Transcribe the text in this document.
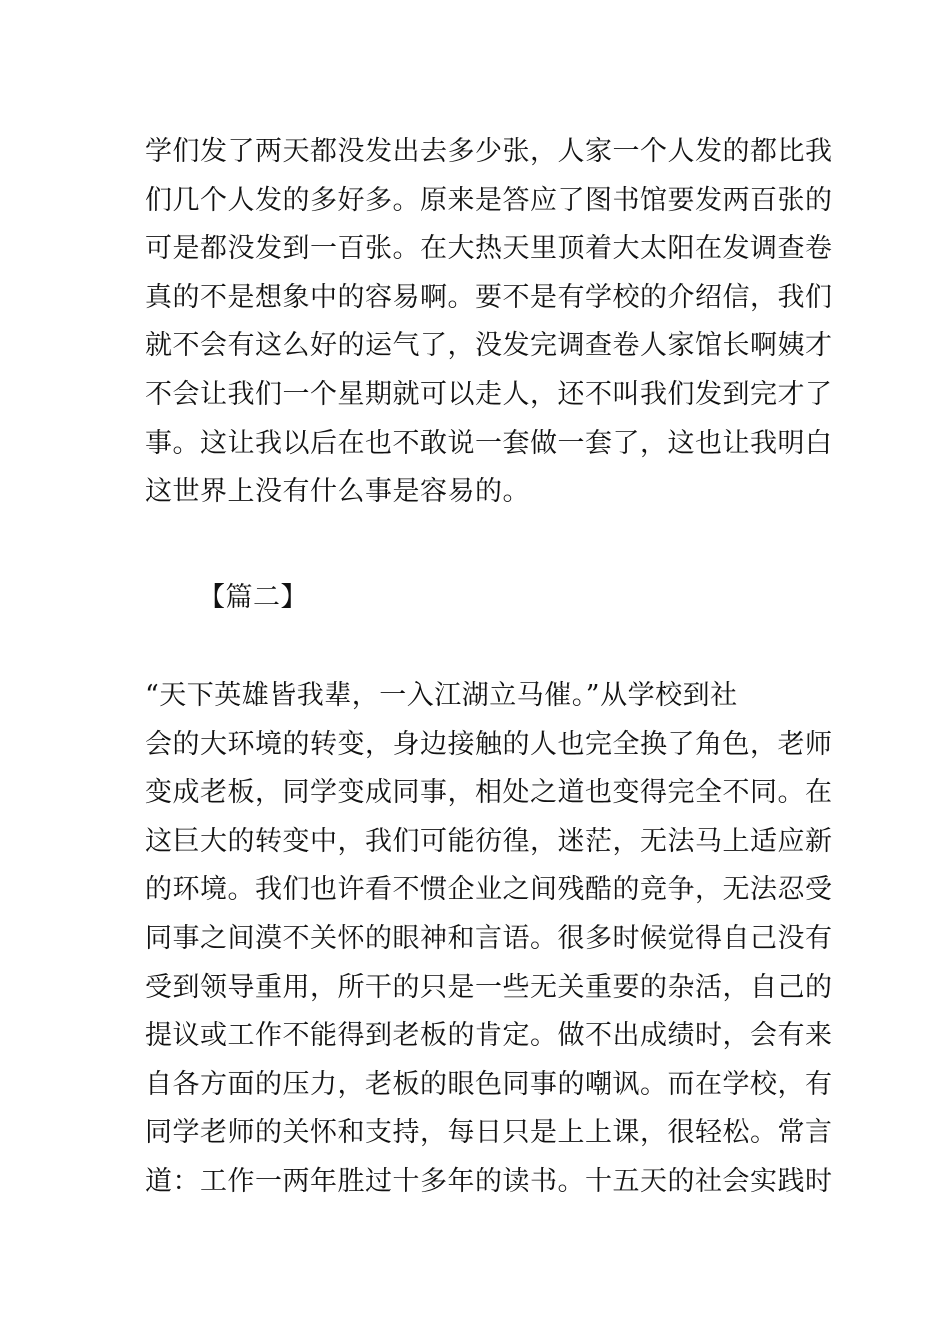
学们发了两天都没发出去多少张，人家一个人发的都比我
们几个人发的多好多。原来是答应了图书馆要发两百张的
可是都没发到一百张。在大热天里顶着大太阳在发调查卷
真的不是想象中的容易啊。要不是有学校的介绍信，我们
就不会有这么好的运气了，没发完调查卷人家馆长啊姨才
不会让我们一个星期就可以走人，还不叫我们发到完才了
事。这让我以后在也不敢说一套做一套了，这也让我明白
这世界上没有什么事是容易的。
【篇二】
“天下英雄皆我辈，一入江湖立马催。”从学校到社
会的大环境的转变，身边接触的人也完全换了角色，老师
变成老板，同学变成同事，相处之道也变得完全不同。在
这巨大的转变中，我们可能彷徨，迷茫，无法马上适应新
的环境。我们也许看不惯企业之间残酷的竞争，无法忍受
同事之间漠不关怀的眼神和言语。很多时候觉得自己没有
受到领导重用，所干的只是一些无关重要的杂活，自己的
提议或工作不能得到老板的肯定。做不出成绩时，会有来
自各方面的压力，老板的眼色同事的嘲讽。而在学校，有
同学老师的关怀和支持，每日只是上上课，很轻松。常言
道：工作一两年胜过十多年的读书。十五天的社会实践时
